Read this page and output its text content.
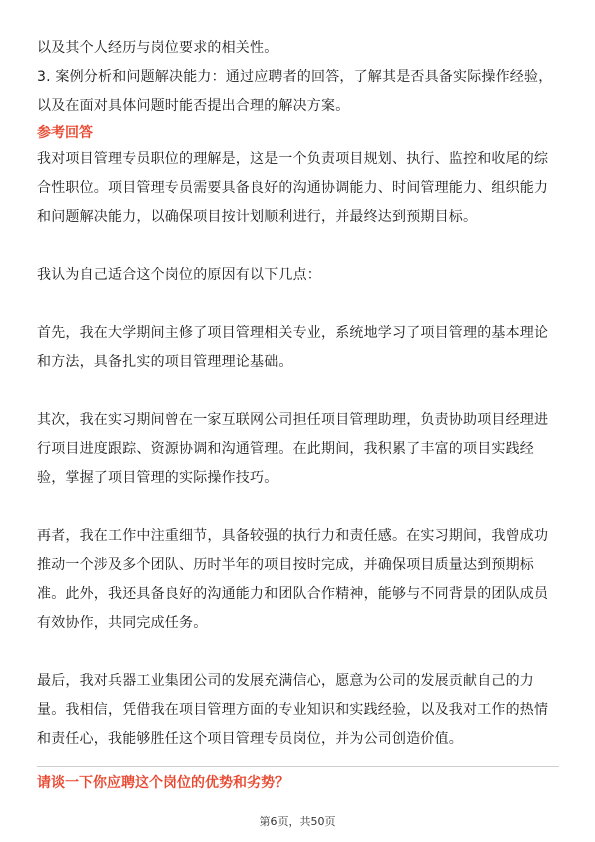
以及其个人经历与岗位要求的相关性。
3. 案例分析和问题解决能力：通过应聘者的回答，了解其是否具备实际操作经验，
以及在面对具体问题时能否提出合理的解决方案。
参考回答
我对项目管理专员职位的理解是，这是一个负责项目规划、执行、监控和收尾的综
合性职位。项目管理专员需要具备良好的沟通协调能力、时间管理能力、组织能力
和问题解决能力，以确保项目按计划顺利进行，并最终达到预期目标。
我认为自己适合这个岗位的原因有以下几点：
首先，我在大学期间主修了项目管理相关专业，系统地学习了项目管理的基本理论
和方法，具备扎实的项目管理理论基础。
其次，我在实习期间曾在一家互联网公司担任项目管理助理，负责协助项目经理进
行项目进度跟踪、资源协调和沟通管理。在此期间，我积累了丰富的项目实践经
验，掌握了项目管理的实际操作技巧。
再者，我在工作中注重细节，具备较强的执行力和责任感。在实习期间，我曾成功
推动一个涉及多个团队、历时半年的项目按时完成，并确保项目质量达到预期标
准。此外，我还具备良好的沟通能力和团队合作精神，能够与不同背景的团队成员
有效协作，共同完成任务。
最后，我对兵器工业集团公司的发展充满信心，愿意为公司的发展贡献自己的力
量。我相信，凭借我在项目管理方面的专业知识和实践经验，以及我对工作的热情
和责任心，我能够胜任这个项目管理专员岗位，并为公司创造价值。
请谈一下你应聘这个岗位的优势和劣势？
第6页，共50页
